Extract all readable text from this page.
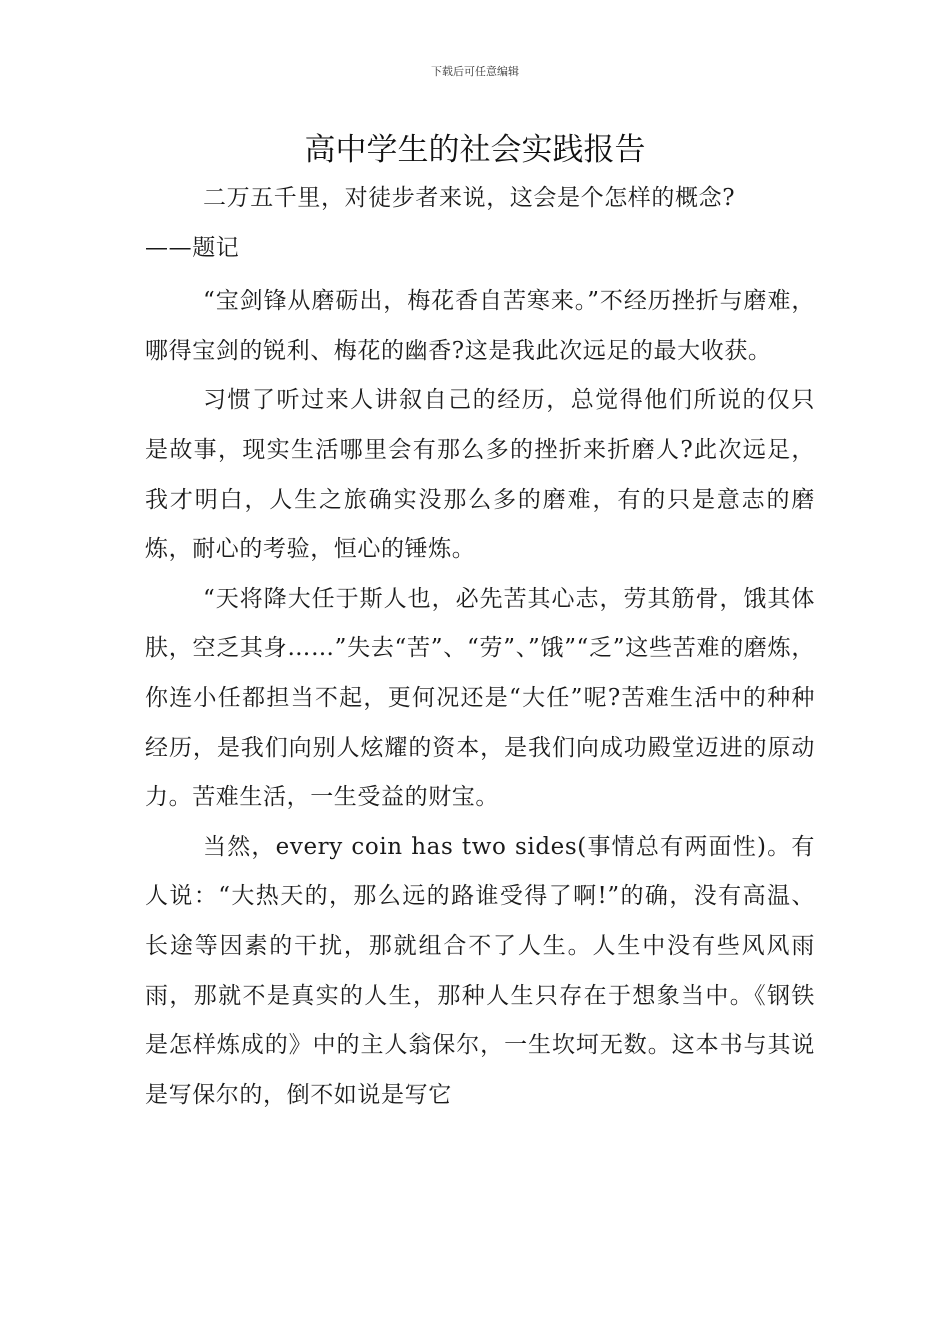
下载后可任意编辑
高中学生的社会实践报告

二万五千里，对徒步者来说，这会是个怎样的概念?

——题记

“宝剑锋从磨砺出，梅花香自苦寒来。”不经历挫折与磨难，哪得宝剑的锐利、梅花的幽香?这是我此次远足的最大收获。

习惯了听过来人讲叙自己的经历，总觉得他们所说的仅只是故事，现实生活哪里会有那么多的挫折来折磨人?此次远足，我才明白，人生之旅确实没那么多的磨难，有的只是意志的磨炼，耐心的考验，恒心的锤炼。

“天将降大任于斯人也，必先苦其心志，劳其筋骨，饿其体肤，空乏其身……”失去“苦”、“劳”、”饿”“乏”这些苦难的磨炼，你连小任都担当不起，更何况还是“大任”呢?苦难生活中的种种经历，是我们向别人炫耀的资本，是我们向成功殿堂迈进的原动力。苦难生活，一生受益的财宝。

当然，every coin has two sides(事情总有两面性)。有人说：“大热天的，那么远的路谁受得了啊!”的确，没有高温、长途等因素的干扰，那就组合不了人生。人生中没有些风风雨雨，那就不是真实的人生，那种人生只存在于想象当中。《钢铁是怎样炼成的》中的主人翁保尔，一生坎坷无数。这本书与其说是写保尔的，倒不如说是写它
